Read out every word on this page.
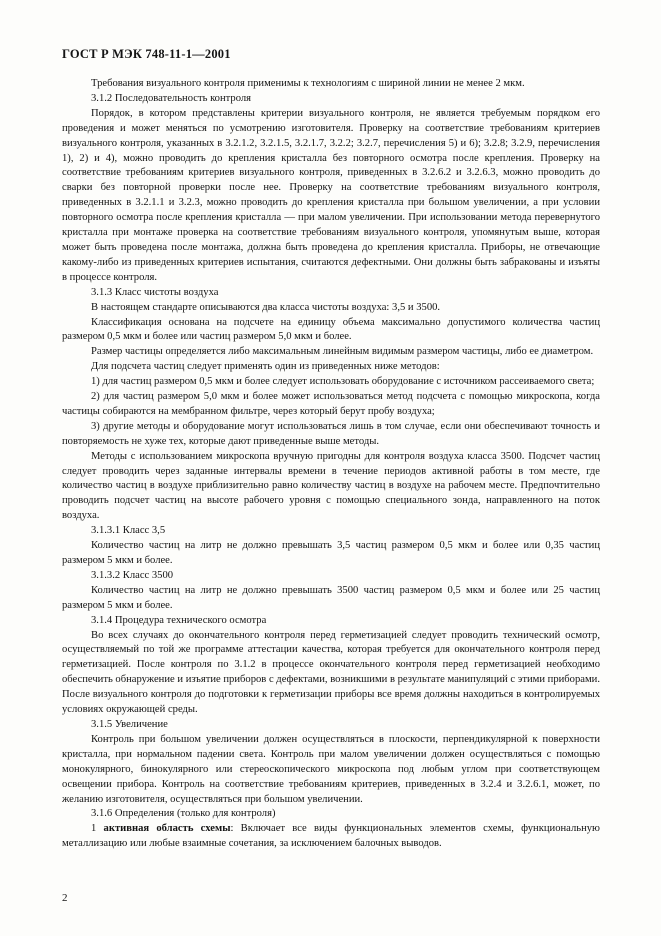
ГОСТ Р МЭК 748-11-1—2001

Требования визуального контроля применимы к технологиям с шириной линии не менее 2 мкм.

3.1.2 Последовательность контроля

Порядок, в котором представлены критерии визуального контроля, не является требуемым порядком его проведения и может меняться по усмотрению изготовителя. Проверку на соответствие требованиям критериев визуального контроля, указанных в 3.2.1.2, 3.2.1.5, 3.2.1.7, 3.2.2; 3.2.7, перечисления 5) и 6); 3.2.8; 3.2.9, перечисления 1), 2) и 4), можно проводить до крепления кристалла без повторного осмотра после крепления. Проверку на соответствие требованиям критериев визуального контроля, приведенных в 3.2.6.2 и 3.2.6.3, можно проводить до сварки без повторной проверки после нее. Проверку на соответствие требованиям визуального контроля, приведенных в 3.2.1.1 и 3.2.3, можно проводить до крепления кристалла при большом увеличении, а при условии повторного осмотра после крепления кристалла — при малом увеличении. При использовании метода перевернутого кристалла при монтаже проверка на соответствие требованиям визуального контроля, упомянутым выше, которая может быть проведена после монтажа, должна быть проведена до крепления кристалла. Приборы, не отвечающие какому-либо из приведенных критериев испытания, считаются дефектными. Они должны быть забракованы и изъяты в процессе контроля.

3.1.3 Класс чистоты воздуха

В настоящем стандарте описываются два класса чистоты воздуха: 3,5 и 3500.

Классификация основана на подсчете на единицу объема максимально допустимого количества частиц размером 0,5 мкм и более или частиц размером 5,0 мкм и более.

Размер частицы определяется либо максимальным линейным видимым размером частицы, либо ее диаметром.

Для подсчета частиц следует применять один из приведенных ниже методов:

1) для частиц размером 0,5 мкм и более следует использовать оборудование с источником рассеиваемого света;

2) для частиц размером 5,0 мкм и более может использоваться метод подсчета с помощью микроскопа, когда частицы собираются на мембранном фильтре, через который берут пробу воздуха;

3) другие методы и оборудование могут использоваться лишь в том случае, если они обеспечивают точность и повторяемость не хуже тех, которые дают приведенные выше методы.

Методы с использованием микроскопа вручную пригодны для контроля воздуха класса 3500. Подсчет частиц следует проводить через заданные интервалы времени в течение периодов активной работы в том месте, где количество частиц в воздухе приблизительно равно количеству частиц в воздухе на рабочем месте. Предпочтительно проводить подсчет частиц на высоте рабочего уровня с помощью специального зонда, направленного на поток воздуха.

3.1.3.1 Класс 3,5

Количество частиц на литр не должно превышать 3,5 частиц размером 0,5 мкм и более или 0,35 частиц размером 5 мкм и более.

3.1.3.2 Класс 3500

Количество частиц на литр не должно превышать 3500 частиц размером 0,5 мкм и более или 25 частиц размером 5 мкм и более.

3.1.4 Процедура технического осмотра

Во всех случаях до окончательного контроля перед герметизацией следует проводить технический осмотр, осуществляемый по той же программе аттестации качества, которая требуется для окончательного контроля перед герметизацией. После контроля по 3.1.2 в процессе окончательного контроля перед герметизацией необходимо обеспечить обнаружение и изъятие приборов с дефектами, возникшими в результате манипуляций с этими приборами. После визуального контроля до подготовки к герметизации приборы все время должны находиться в контролируемых условиях окружающей среды.

3.1.5 Увеличение

Контроль при большом увеличении должен осуществляться в плоскости, перпендикулярной к поверхности кристалла, при нормальном падении света. Контроль при малом увеличении должен осуществляться с помощью монокулярного, бинокулярного или стереоскопического микроскопа под любым углом при соответствующем освещении прибора. Контроль на соответствие требованиям критериев, приведенных в 3.2.4 и 3.2.6.1, может, по желанию изготовителя, осуществляться при большом увеличении.

3.1.6 Определения (только для контроля)

1 активная область схемы: Включает все виды функциональных элементов схемы, функциональную металлизацию или любые взаимные сочетания, за исключением балочных выводов.

2
